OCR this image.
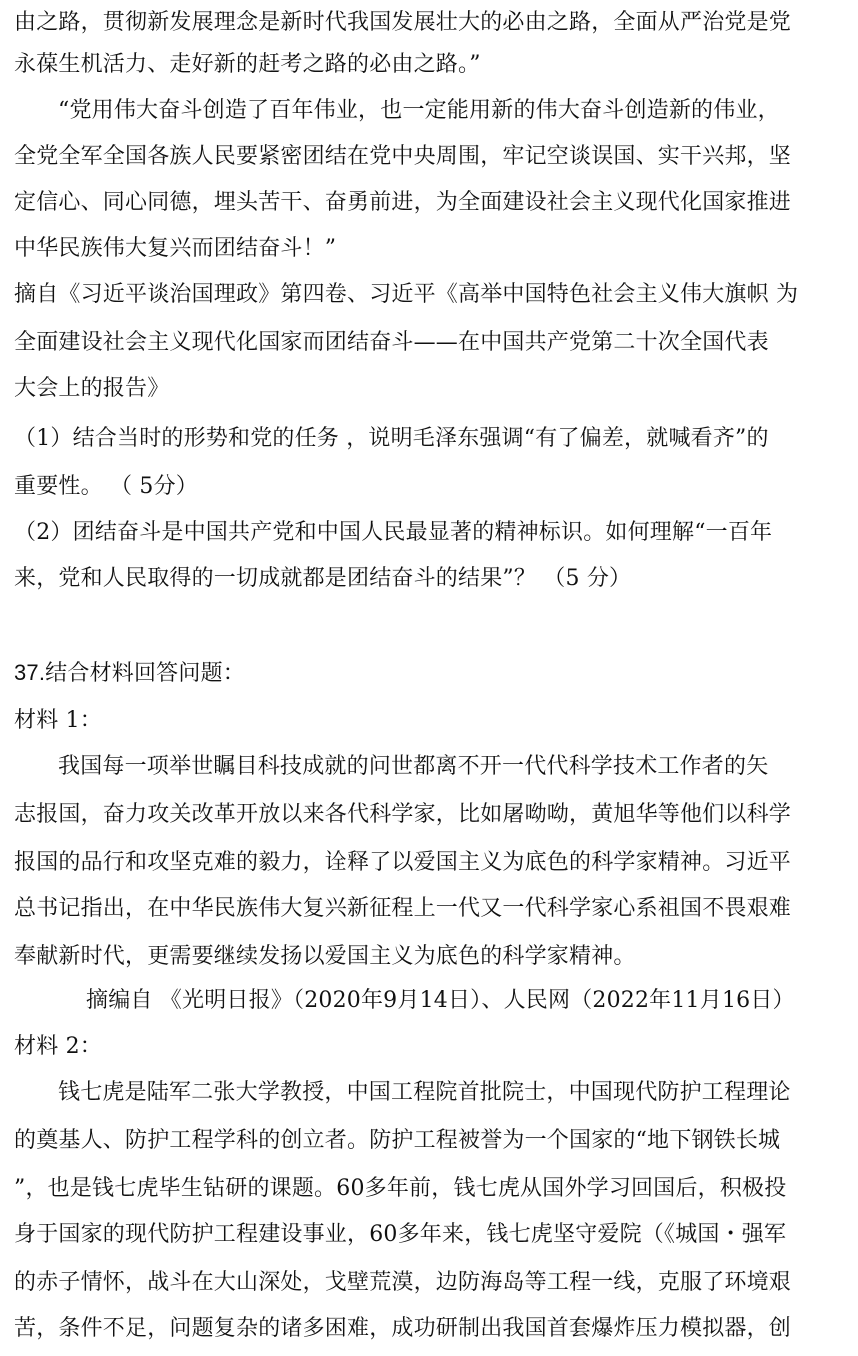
由之路，贯彻新发展理念是新时代我国发展壮大的必由之路，全面从严治党是党
永葆生机活力、走好新的赶考之路的必由之路。”
“党用伟大奋斗创造了百年伟业，也一定能用新的伟大奋斗创造新的伟业，
全党全军全国各族人民要紧密团结在党中央周围，牢记空谈误国、实干兴邦，坚
定信心、同心同德，埋头苦干、奋勇前进，为全面建设社会主义现代化国家推进
中华民族伟大复兴而团结奋斗！”
摘自《习近平谈治国理政》第四卷、习近平《高举中国特色社会主义伟大旗帜 为
全面建设社会主义现代化国家而团结奋斗——在中国共产党第二十次全国代表
大会上的报告》
（1）结合当时的形势和党的任务 ，说明毛泽东强调“有了偏差，就喊看齐”的
重要性。 （ 5分）
（2）团结奋斗是中国共产党和中国人民最显著的精神标识。如何理解“一百年
来，党和人民取得的一切成就都是团结奋斗的结果”？ （5 分）
37.结合材料回答问题：
材料 1：
我国每一项举世瞩目科技成就的问世都离不开一代代科学技术工作者的矢
志报国，奋力攻关改革开放以来各代科学家，比如屠呦呦，黄旭华等他们以科学
报国的品行和攻坚克难的毅力，诠释了以爱国主义为底色的科学家精神。习近平
总书记指出，在中华民族伟大复兴新征程上一代又一代科学家心系祖国不畏艰难
奉献新时代，更需要继续发扬以爱国主义为底色的科学家精神。
摘编自 《光明日报》（2020年9月14日）、人民网（2022年11月16日）
材料 2：
钱七虎是陆军二张大学教授，中国工程院首批院士，中国现代防护工程理论
的奠基人、防护工程学科的创立者。防护工程被誉为一个国家的“地下钢铁长城
”，也是钱七虎毕生钻研的课题。60多年前，钱七虎从国外学习回国后，积极投
身于国家的现代防护工程建设事业，60多年来，钱七虎坚守爱院（《城国・强军
的赤子情怀，战斗在大山深处，戈壁荒漠，边防海岛等工程一线，克服了环境艰
苦，条件不足，问题复杂的诸多困难，成功研制出我国首套爆炸压力模拟器，创
